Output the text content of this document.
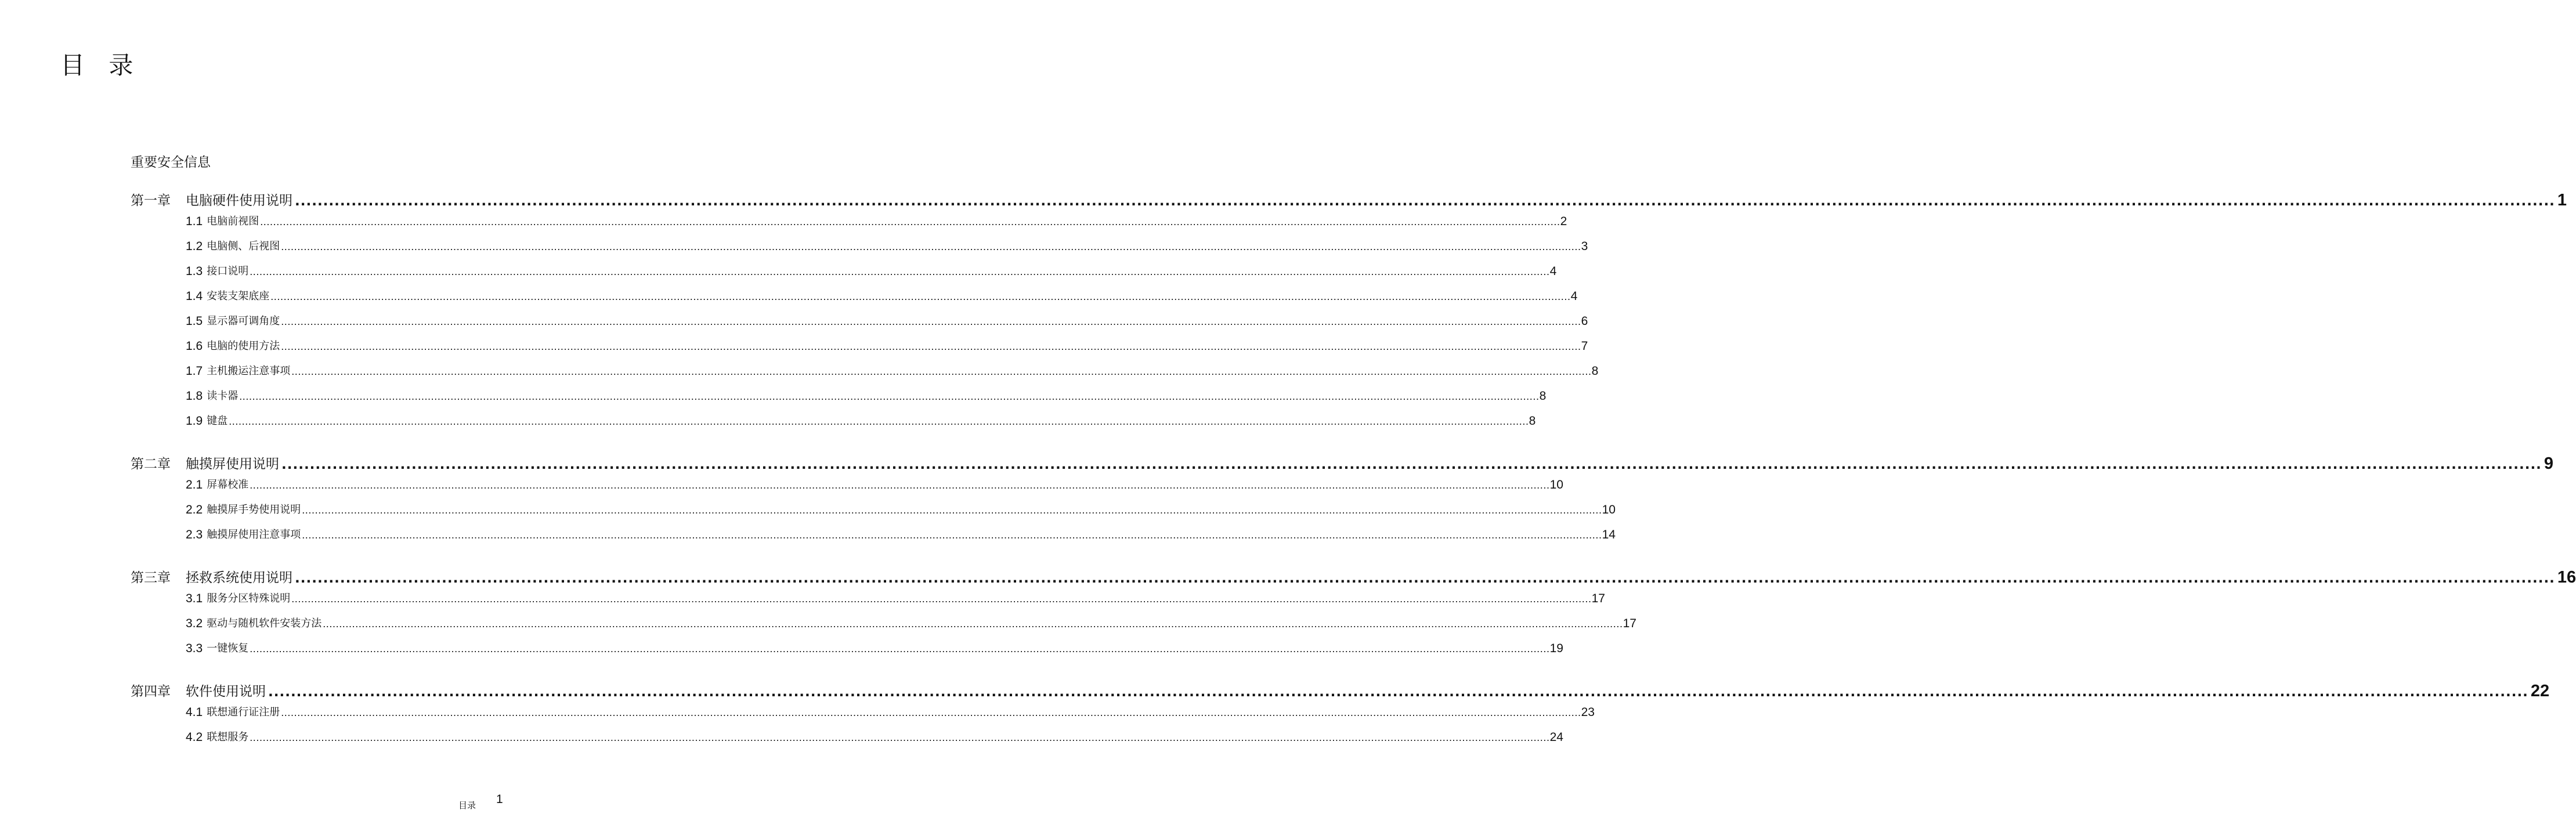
目 录
重要安全信息
第一章	电脑硬件使用说明 ................................................................................................................................................................................................................................................................................................................................................................................................................ 1
1.1 电脑前视图 ................................................................................................................................................................................................................................................................................................................................................................................................................ 2
1.2 电脑侧、后视图 ................................................................................................................................................................................................................................................................................................................................................................................................................ 3
1.3 接口说明 ................................................................................................................................................................................................................................................................................................................................................................................................................ 4
1.4 安装支架底座 ................................................................................................................................................................................................................................................................................................................................................................................................................ 4
1.5 显示器可调角度 ................................................................................................................................................................................................................................................................................................................................................................................................................ 6
1.6 电脑的使用方法 ................................................................................................................................................................................................................................................................................................................................................................................................................ 7
1.7 主机搬运注意事项 ................................................................................................................................................................................................................................................................................................................................................................................................................ 8
1.8 读卡器 ................................................................................................................................................................................................................................................................................................................................................................................................................ 8
1.9 键盘 ................................................................................................................................................................................................................................................................................................................................................................................................................ 8
第二章	触摸屏使用说明 ................................................................................................................................................................................................................................................................................................................................................................................................................ 9
2.1 屏幕校准 ................................................................................................................................................................................................................................................................................................................................................................................................................ 10
2.2 触摸屏手势使用说明 ................................................................................................................................................................................................................................................................................................................................................................................................................ 10
2.3 触摸屏使用注意事项 ................................................................................................................................................................................................................................................................................................................................................................................................................ 14
第三章	拯救系统使用说明 ................................................................................................................................................................................................................................................................................................................................................................................................................ 16
3.1 服务分区特殊说明 ................................................................................................................................................................................................................................................................................................................................................................................................................ 17
3.2 驱动与随机软件安装方法 ................................................................................................................................................................................................................................................................................................................................................................................................................ 17
3.3 一键恢复 ................................................................................................................................................................................................................................................................................................................................................................................................................ 19
第四章	软件使用说明 ................................................................................................................................................................................................................................................................................................................................................................................................................ 22
4.1 联想通行证注册 ................................................................................................................................................................................................................................................................................................................................................................................................................ 23
4.2 联想服务 ................................................................................................................................................................................................................................................................................................................................................................................................................ 24
目录 1
